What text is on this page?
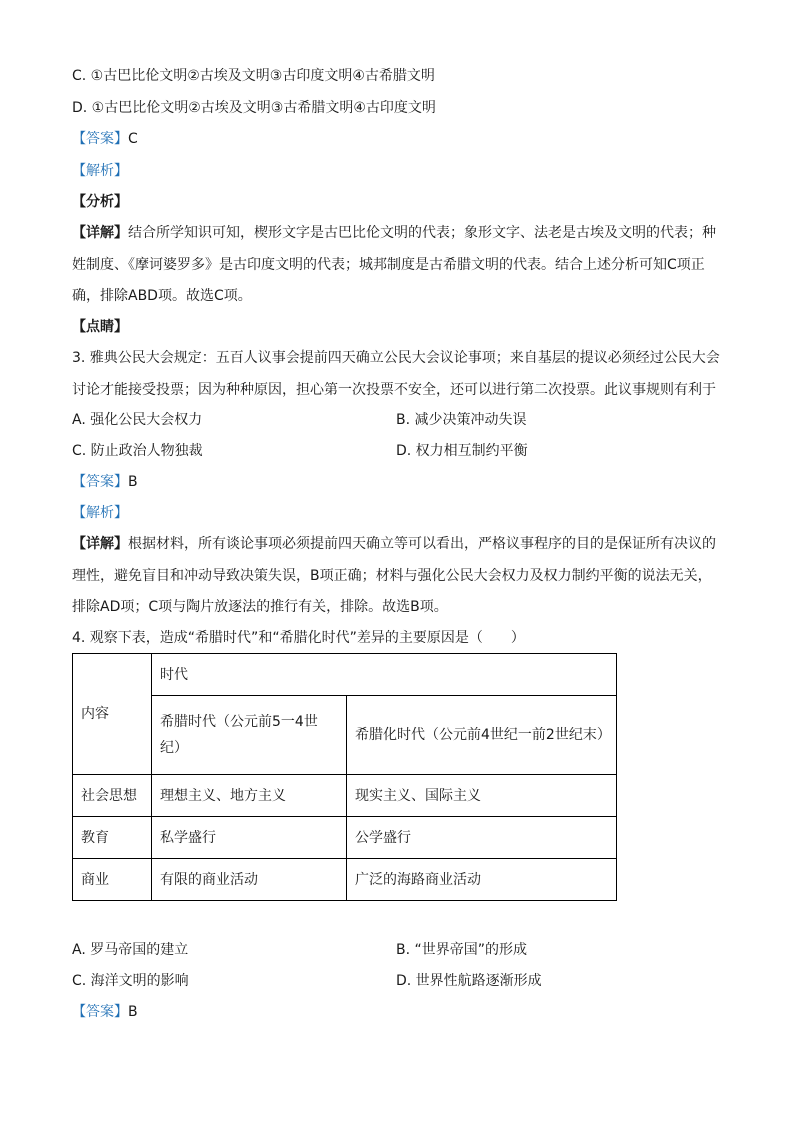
C. ①古巴比伦文明②古埃及文明③古印度文明④古希腊文明
D. ①古巴比伦文明②古埃及文明③古希腊文明④古印度文明
【答案】C
【解析】
【分析】
【详解】结合所学知识可知，楔形文字是古巴比伦文明的代表；象形文字、法老是古埃及文明的代表；种姓制度、《摩诃婆罗多》是古印度文明的代表；城邦制度是古希腊文明的代表。结合上述分析可知C项正确，排除ABD项。故选C项。
【点睛】
3. 雅典公民大会规定：五百人议事会提前四天确立公民大会议论事项；来自基层的提议必须经过公民大会讨论才能接受投票；因为种种原因，担心第一次投票不安全，还可以进行第二次投票。此议事规则有利于
A. 强化公民大会权力	B. 减少决策冲动失误
C. 防止政治人物独裁	D. 权力相互制约平衡
【答案】B
【解析】
【详解】根据材料，所有谈论事项必须提前四天确立等可以看出，严格议事程序的目的是保证所有决议的理性，避免盲目和冲动导致决策失误，B项正确；材料与强化公民大会权力及权力制约平衡的说法无关，排除AD项；C项与陶片放逐法的推行有关，排除。故选B项。
4. 观察下表，造成“希腊时代”和“希腊化时代”差异的主要原因是（　　）
内容	时代	
	希腊时代（公元前5一4世纪）	希腊化时代（公元前4世纪一前2世纪末）
社会思想	理想主义、地方主义	现实主义、国际主义
教育	私学盛行	公学盛行
商业	有限的商业活动	广泛的海路商业活动
A. 罗马帝国的建立	B. “世界帝国”的形成
C. 海洋文明的影响	D. 世界性航路逐渐形成
【答案】B
